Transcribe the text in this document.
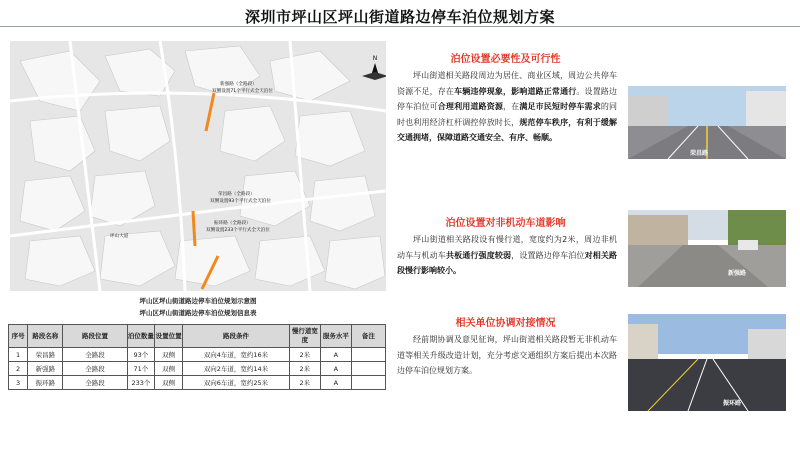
深圳市坪山区坪山街道路边停车泊位规划方案
N
新强路（全路段）
双侧设置71个平行式全天泊位
荣昌路（全路段）
双侧设置93个平行式全天泊位
振环路（全路段）
双侧设置233个平行式全天泊位
坪山大道
坪山区坪山街道路边停车泊位规划示意图
坪山区坪山街道路边停车泊位规划信息表
序号	路段名称	路段位置	泊位数量	设置位置	路段条件	慢行道宽度	服务水平	备注
1	荣昌路	全路段	93个	双侧	双向4车道，宽约16米	2米	A	
2	新强路	全路段	71个	双侧	双向2车道，宽约14米	2米	A	
3	振环路	全路段	233个	双侧	双向6车道，宽约25米	2米	A	
泊位设置必要性及可行性
坪山街道相关路段周边为居住、商业区域，周边公共停车资源不足，存在车辆违停现象，影响道路正常通行。设置路边停车泊位可合理利用道路资源，在满足市民短时停车需求的同时也利用经济杠杆调控停放时长，规范停车秩序，有利于缓解交通拥堵，保障道路交通安全、有序、畅顺。
泊位设置对非机动车道影响
坪山街道相关路段设有慢行道，宽度约为2米，周边非机动车与机动车共板通行强度较弱，设置路边停车泊位对相关路段慢行影响较小。
相关单位协调对接情况
经前期协调及意见征询，坪山街道相关路段暂无非机动车道等相关升级改造计划，充分考虑交通组织方案后提出本次路边停车泊位规划方案。
荣昌路
新强路
振环路
